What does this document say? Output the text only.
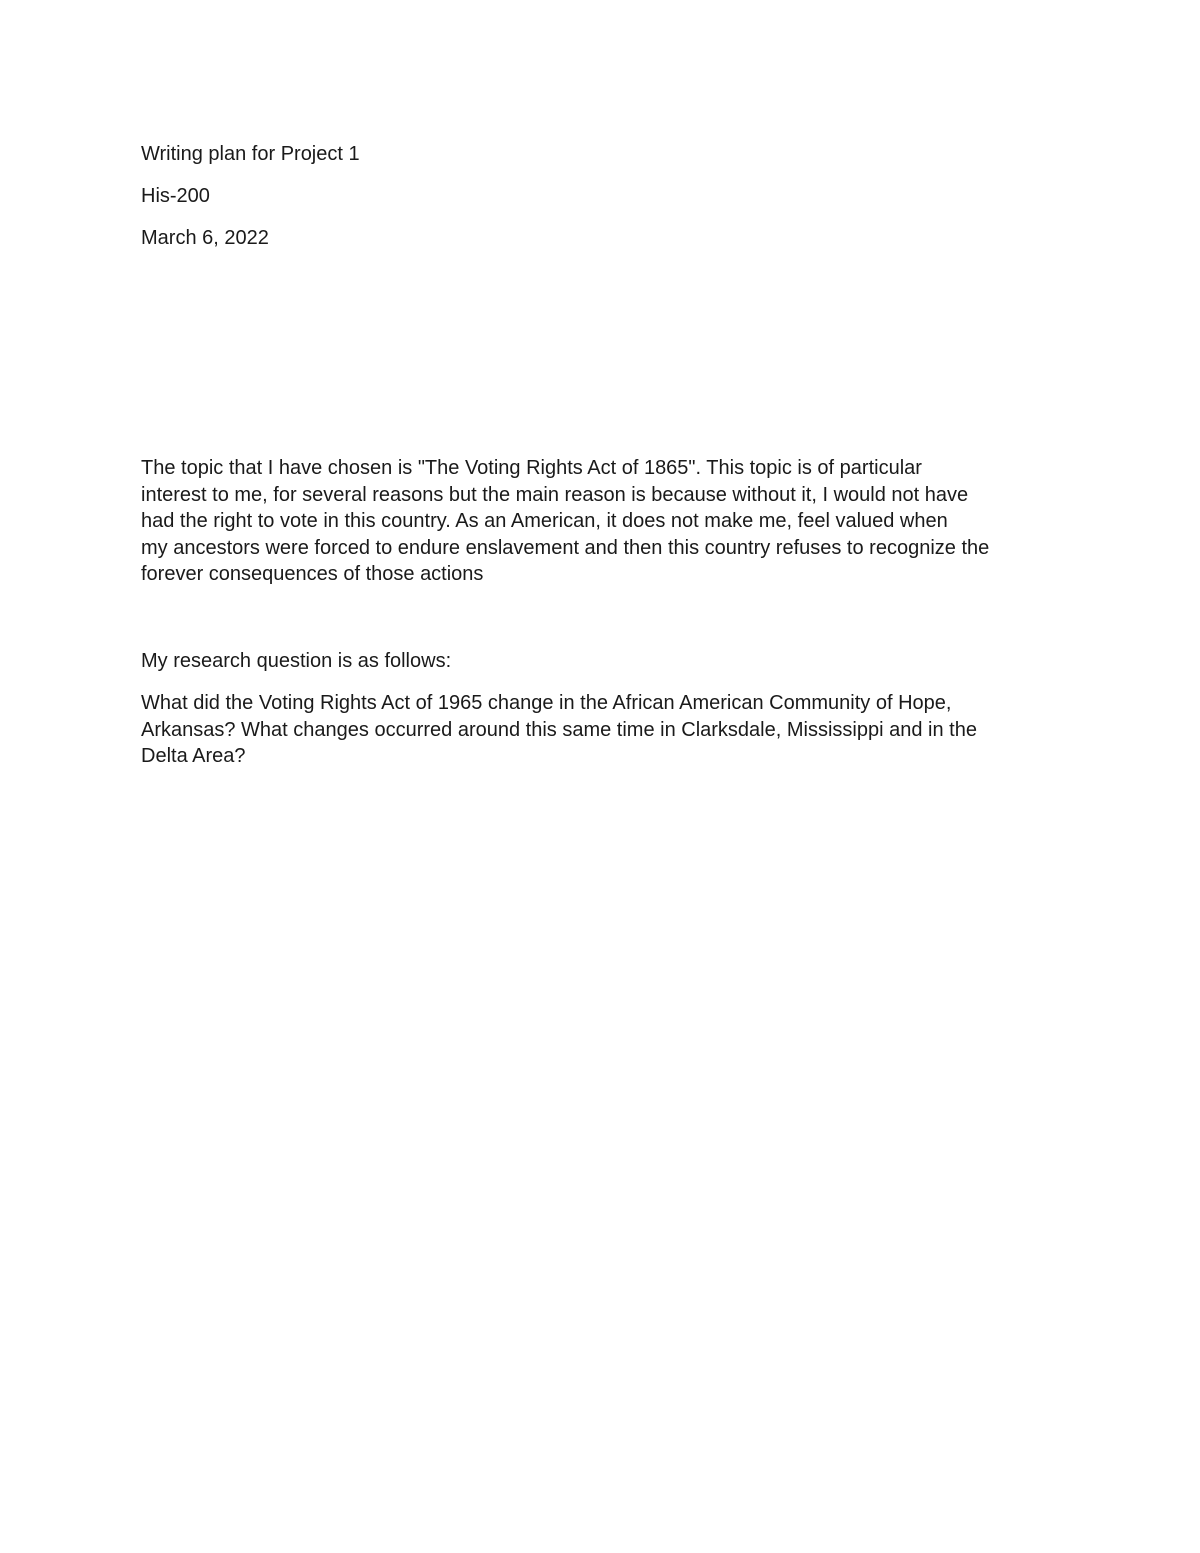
Writing plan for Project 1
His-200
March 6, 2022
The topic that I have chosen is "The Voting Rights Act of 1865". This topic is of particular
interest to me, for several reasons but the main reason is because without it, I would not have
had the right to vote in this country. As an American, it does not make me, feel valued when
my ancestors were forced to endure enslavement and then this country refuses to recognize the
forever consequences of those actions
My research question is as follows:
What did the Voting Rights Act of 1965 change in the African American Community of Hope,
Arkansas? What changes occurred around this same time in Clarksdale, Mississippi and in the
Delta Area?
